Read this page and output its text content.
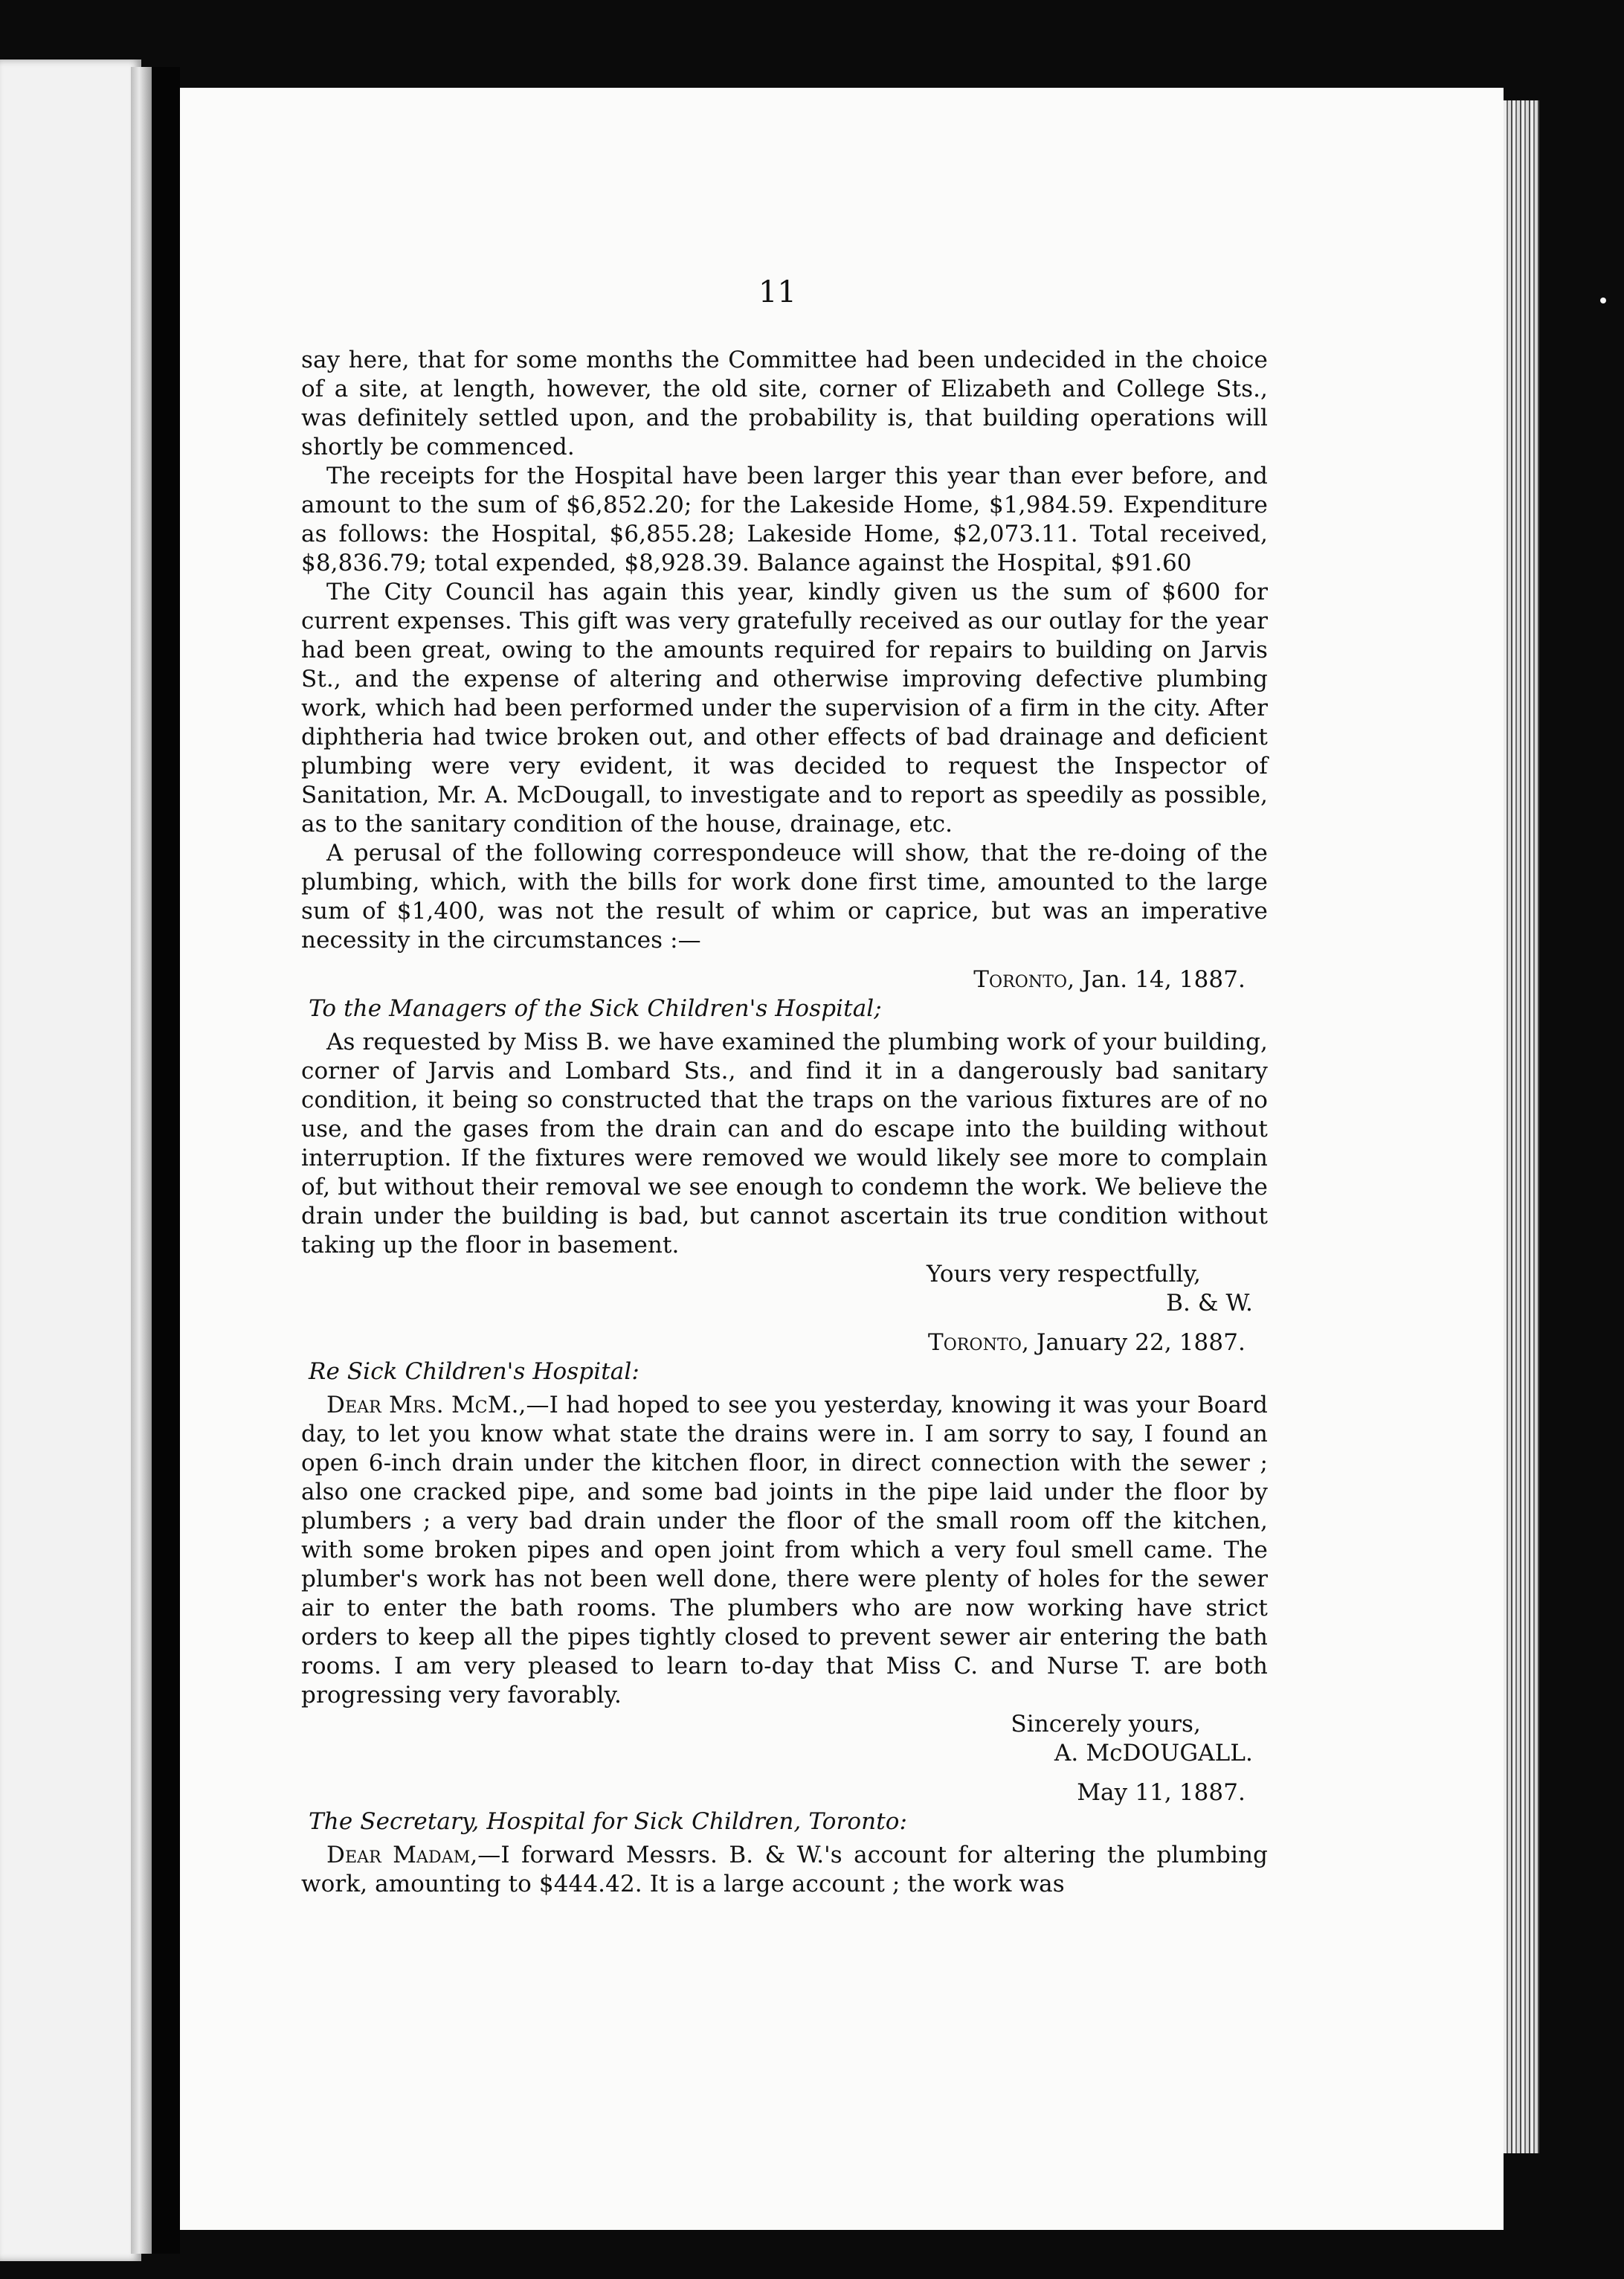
11

say here, that for some months the Committee had been undecided in the choice of a site, at length, however, the old site, corner of Elizabeth and College Sts., was definitely settled upon, and the probability is, that building operations will shortly be commenced.

The receipts for the Hospital have been larger this year than ever before, and amount to the sum of $6,852.20; for the Lakeside Home, $1,984.59. Expenditure as follows: the Hospital, $6,855.28; Lakeside Home, $2,073.11. Total received, $8,836.79; total expended, $8,928.39. Balance against the Hospital, $91.60

The City Council has again this year, kindly given us the sum of $600 for current expenses. This gift was very gratefully received as our outlay for the year had been great, owing to the amounts required for repairs to building on Jarvis St., and the expense of altering and otherwise improving defective plumbing work, which had been performed under the supervision of a firm in the city. After diphtheria had twice broken out, and other effects of bad drainage and deficient plumbing were very evident, it was decided to request the Inspector of Sanitation, Mr. A. McDougall, to investigate and to report as speedily as possible, as to the sanitary condition of the house, drainage, etc.

A perusal of the following correspondeuce will show, that the re-doing of the plumbing, which, with the bills for work done first time, amounted to the large sum of $1,400, was not the result of whim or caprice, but was an imperative necessity in the circumstances :—

Toronto, Jan. 14, 1887.

To the Managers of the Sick Children's Hospital;

As requested by Miss B. we have examined the plumbing work of your building, corner of Jarvis and Lombard Sts., and find it in a dangerously bad sanitary condition, it being so constructed that the traps on the various fixtures are of no use, and the gases from the drain can and do escape into the building without interruption. If the fixtures were removed we would likely see more to complain of, but without their removal we see enough to condemn the work. We believe the drain under the building is bad, but cannot ascertain its true condition without taking up the floor in basement.

Yours very respectfully,

B. & W.

Toronto, January 22, 1887.

Re Sick Children's Hospital:

Dear Mrs. McM.,—I had hoped to see you yesterday, knowing it was your Board day, to let you know what state the drains were in. I am sorry to say, I found an open 6-inch drain under the kitchen floor, in direct connection with the sewer ; also one cracked pipe, and some bad joints in the pipe laid under the floor by plumbers ; a very bad drain under the floor of the small room off the kitchen, with some broken pipes and open joint from which a very foul smell came. The plumber's work has not been well done, there were plenty of holes for the sewer air to enter the bath rooms. The plumbers who are now working have strict orders to keep all the pipes tightly closed to prevent sewer air entering the bath rooms. I am very pleased to learn to-day that Miss C. and Nurse T. are both progressing very favorably.

Sincerely yours,

A. McDOUGALL.

May 11, 1887.

The Secretary, Hospital for Sick Children, Toronto:

Dear Madam,—I forward Messrs. B. & W.'s account for altering the plumbing work, amounting to $444.42. It is a large account ; the work was
